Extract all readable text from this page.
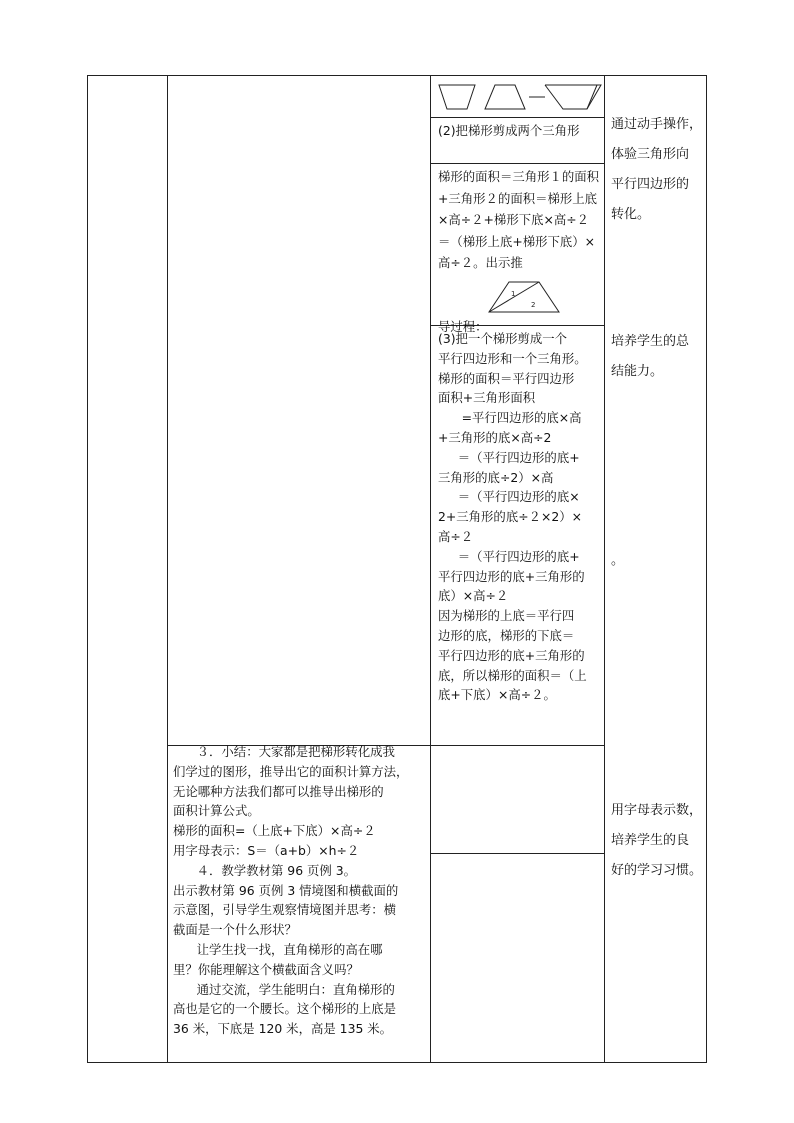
(2)把梯形剪成两个三角形
梯形的面积＝三角形１的面积+三角形２的面积＝梯形上底×高÷２+梯形下底×高÷２＝（梯形上底+梯形下底）×高÷２。出示推

导过程：

1
2
(3)把一个梯形剪成一个
平行四边形和一个三角形。
梯形的面积＝平行四边形
面积+三角形面积
=平行四边形的底×高
+三角形的底×高÷2
＝（平行四边形的底+
三角形的底÷2）×高
＝（平行四边形的底×
2+三角形的底÷２×2）×
高÷２
＝（平行四边形的底+
平行四边形的底+三角形的
底）×高÷２
因为梯形的上底＝平行四
边形的底，梯形的下底＝
平行四边形的底+三角形的
底，所以梯形的面积＝（上
底+下底）×高÷２。
３．小结：大家都是把梯形转化成我
们学过的图形，推导出它的面积计算方法，
无论哪种方法我们都可以推导出梯形的
面积计算公式。
梯形的面积=（上底+下底）×高÷２
用字母表示：S＝（a+b）×h÷２
４．教学教材第 96 页例 3。
出示教材第 96 页例 3 情境图和横截面的
示意图，引导学生观察情境图并思考：横
截面是一个什么形状？
让学生找一找，直角梯形的高在哪
里？你能理解这个横截面含义吗？
通过交流，学生能明白：直角梯形的
高也是它的一个腰长。这个梯形的上底是
36 米，下底是 120 米，高是 135 米。
通过动手操作，
体验三角形向
平行四边形的
转化。
培养学生的总
结能力。
。
用字母表示数，
培养学生的良
好的学习习惯。
